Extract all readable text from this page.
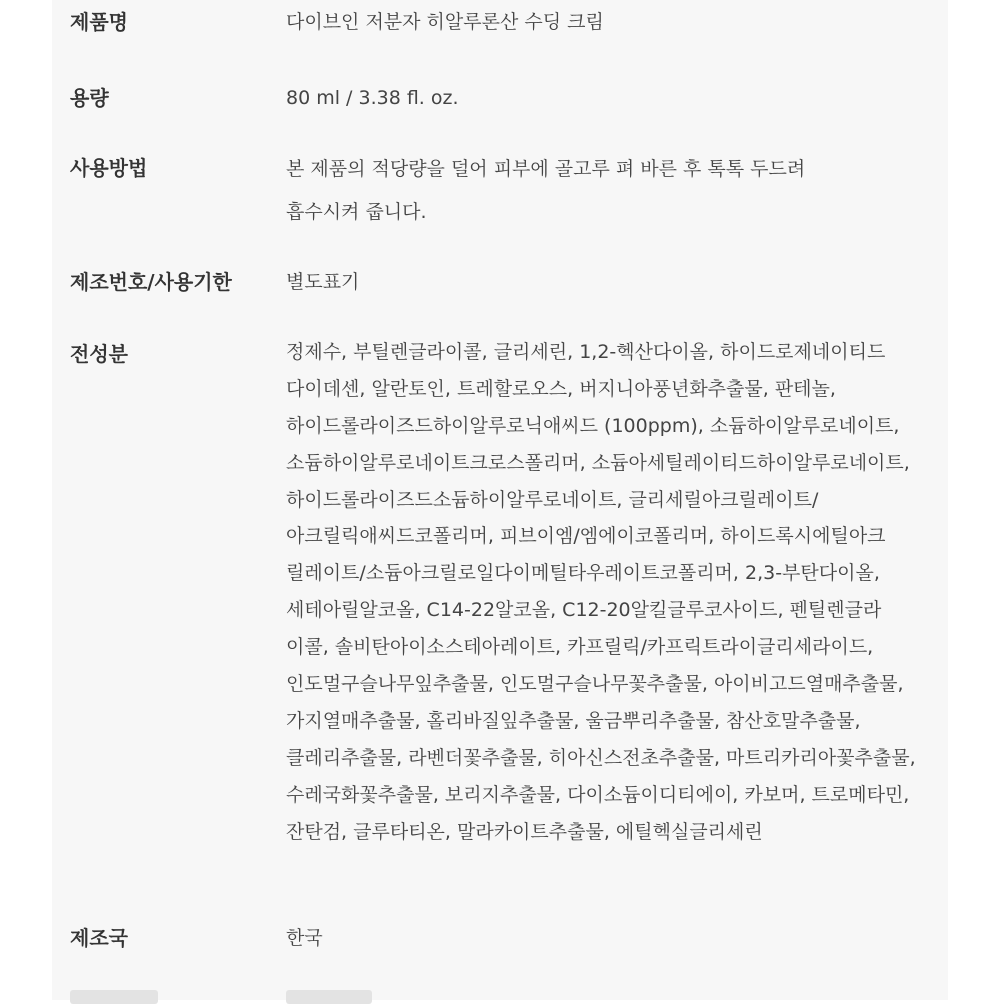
제품명	다이브인 저분자 히알루론산 수딩 크림
용량	80 ml / 3.38 fl. oz.
사용방법	본 제품의 적당량을 덜어 피부에 골고루 펴 바른 후 톡톡 두드려
흡수시켜 줍니다.
제조번호/사용기한	별도표기
전성분	정제수, 부틸렌글라이콜, 글리세린, 1,2-헥산다이올, 하이드로제네이티드
다이데센, 알란토인, 트레할로오스, 버지니아풍년화추출물, 판테놀,
하이드롤라이즈드하이알루로닉애씨드 (100ppm), 소듐하이알루로네이트,
소듐하이알루로네이트크로스폴리머, 소듐아세틸레이티드하이알루로네이트,
하이드롤라이즈드소듐하이알루로네이트, 글리세릴아크릴레이트/
아크릴릭애씨드코폴리머, 피브이엠/엠에이코폴리머, 하이드록시에틸아크
릴레이트/소듐아크릴로일다이메틸타우레이트코폴리머, 2,3-부탄다이올,
세테아릴알코올, C14-22알코올, C12-20알킬글루코사이드, 펜틸렌글라
이콜, 솔비탄아이소스테아레이트, 카프릴릭/카프릭트라이글리세라이드,
인도멀구슬나무잎추출물, 인도멀구슬나무꽃추출물, 아이비고드열매추출물,
가지열매추출물, 홀리바질잎추출물, 울금뿌리추출물, 참산호말추출물,
클레리추출물, 라벤더꽃추출물, 히아신스전초추출물, 마트리카리아꽃추출물,
수레국화꽃추출물, 보리지추출물, 다이소듐이디티에이, 카보머, 트로메타민,
잔탄검, 글루타티온, 말라카이트추출물, 에틸헥실글리세린
제조국	한국
